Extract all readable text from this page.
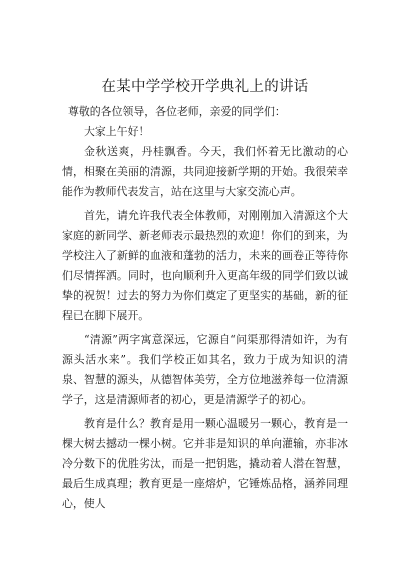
在某中学学校开学典礼上的讲话

尊敬的各位领导，各位老师，亲爱的同学们：

大家上午好！

金秋送爽，丹桂飘香。今天，我们怀着无比激动的心情，相聚在美丽的清源，共同迎接新学期的开始。我很荣幸能作为教师代表发言，站在这里与大家交流心声。

首先，请允许我代表全体教师，对刚刚加入清源这个大家庭的新同学、新老师表示最热烈的欢迎！你们的到来，为学校注入了新鲜的血液和蓬勃的活力，未来的画卷正等待你们尽情挥洒。同时，也向顺利升入更高年级的同学们致以诚挚的祝贺！过去的努力为你们奠定了更坚实的基础，新的征程已在脚下展开。

“清源”两字寓意深远，它源自“问渠那得清如许，为有源头活水来”。我们学校正如其名，致力于成为知识的清泉、智慧的源头，从德智体美劳，全方位地滋养每一位清源学子，这是清源师者的初心，更是清源学子的初心。

教育是什么？教育是用一颗心温暖另一颗心，教育是一棵大树去撼动一棵小树。它并非是知识的单向灌输，亦非冰冷分数下的优胜劣汰，而是一把钥匙，撬动着人潜在智慧，最后生成真理；教育更是一座熔炉，它锤炼品格，涵养同理心，使人
